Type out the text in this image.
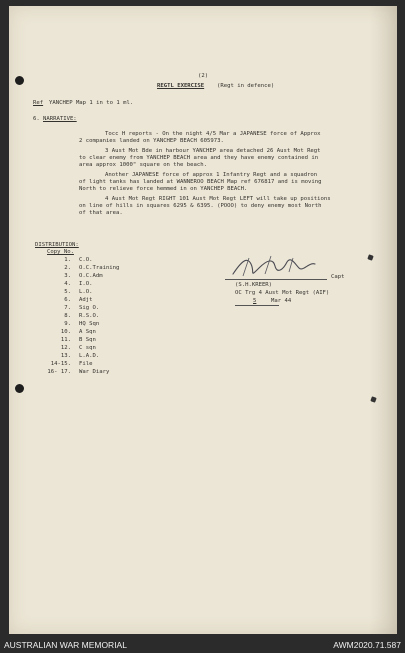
(2)
REGTL EXERCISE (Regt in defence)
Ref YANCHEP Map 1 in to 1 ml.
6. NARRATIVE:
Tocc H reports - On the night 4/5 Mar a JAPANESE force of Approx
2 companies landed on YANCHEP BEACH 605973.
3 Aust Mot Bde in harbour YANCHEP area detached 26 Aust Mot Regt
to clear enemy from YANCHEP BEACH area and they have enemy contained in
area approx 1000" square on the beach.
Another JAPANESE force of approx 1 Infantry Regt and a squadron
of light tanks has landed at WANNEROO BEACH Map ref 676817 and is moving
North to relieve force hemmed in on YANCHEP BEACH.
4 Aust Mot Regt RIGHT 101 Aust Mot Regt LEFT will take up positions
on line of hills in squares 6295 & 6395. (POOO) to deny enemy most North
of that area.
DISTRIBUTION:
Copy No.
1. C.O.
2. O.C.Training
3. O.C.Adm
4. I.O.
5. L.O.
6. Adjt
7. Sig O.
8. R.S.O.
9. HQ Sqn
10. A Sqn
11. B Sqn
12. C sqn
13. L.A.D.
14-15. File
16- 17. War Diary
Capt
(S.H.KREER)
OC Trg 4 Aust Mot Regt (AIF)
5	Mar 44
AUSTRALIAN WAR MEMORIAL	AWM2020.71.587
